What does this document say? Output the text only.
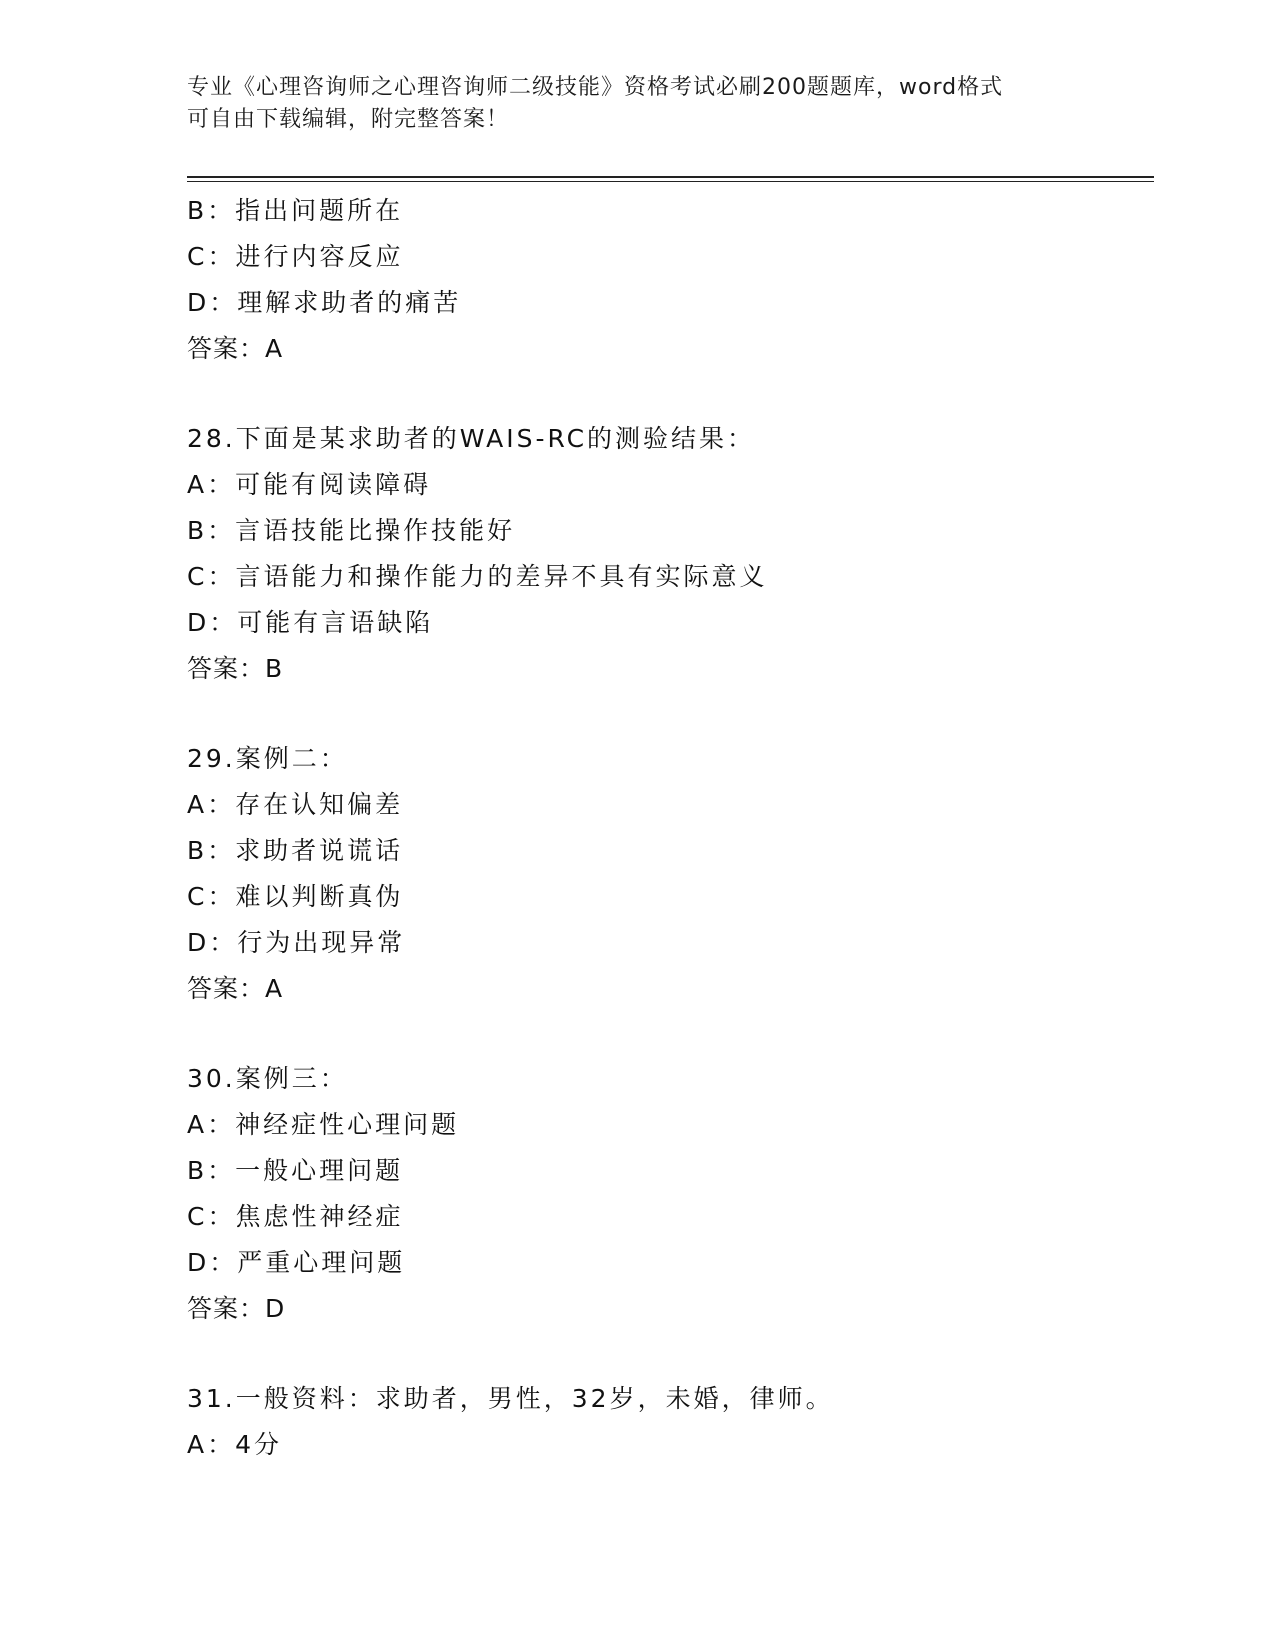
专业《心理咨询师之心理咨询师二级技能》资格考试必刷200题题库，word格式
可自由下载编辑，附完整答案！
B：指出问题所在
C：进行内容反应
D：理解求助者的痛苦
答案：A
28.下面是某求助者的WAIS-RC的测验结果：
A：可能有阅读障碍
B：言语技能比操作技能好
C：言语能力和操作能力的差异不具有实际意义
D：可能有言语缺陷
答案：B
29.案例二：
A：存在认知偏差
B：求助者说谎话
C：难以判断真伪
D：行为出现异常
答案：A
30.案例三：
A：神经症性心理问题
B：一般心理问题
C：焦虑性神经症
D：严重心理问题
答案：D
31.一般资料：求助者，男性，32岁，未婚，律师。
A：4分
